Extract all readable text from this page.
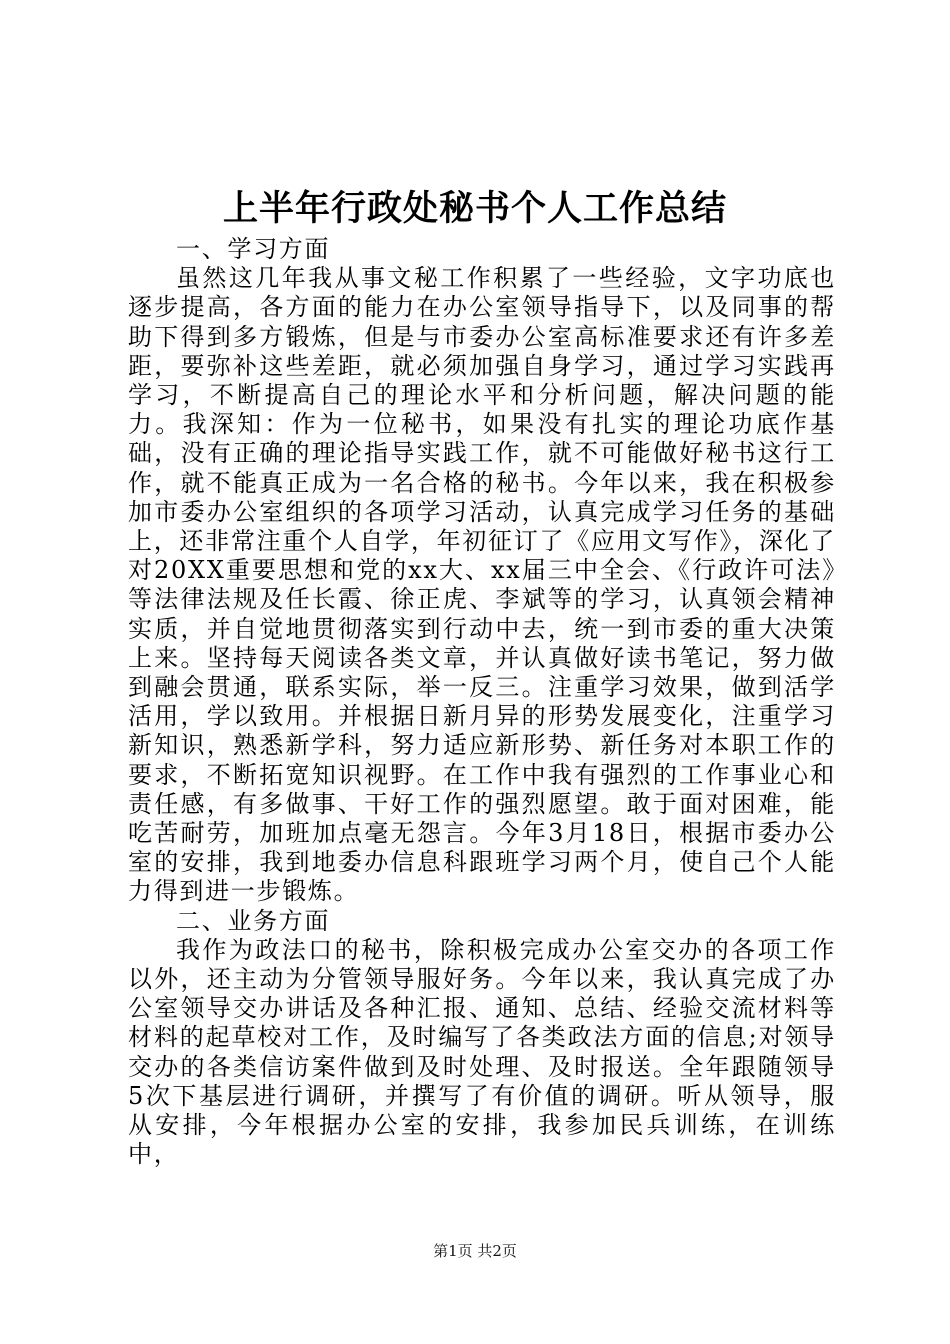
上半年行政处秘书个人工作总结

一、学习方面

虽然这几年我从事文秘工作积累了一些经验，文字功底也逐步提高，各方面的能力在办公室领导指导下，以及同事的帮助下得到多方锻炼，但是与市委办公室高标准要求还有许多差距，要弥补这些差距，就必须加强自身学习，通过学习实践再学习，不断提高自己的理论水平和分析问题，解决问题的能力。我深知：作为一位秘书，如果没有扎实的理论功底作基础，没有正确的理论指导实践工作，就不可能做好秘书这行工作，就不能真正成为一名合格的秘书。今年以来，我在积极参加市委办公室组织的各项学习活动，认真完成学习任务的基础上，还非常注重个人自学，年初征订了《应用文写作》，深化了对20XX重要思想和党的xx大、xx届三中全会、《行政许可法》等法律法规及任长霞、徐正虎、李斌等的学习，认真领会精神实质，并自觉地贯彻落实到行动中去，统一到市委的重大决策上来。坚持每天阅读各类文章，并认真做好读书笔记，努力做到融会贯通，联系实际，举一反三。注重学习效果，做到活学活用，学以致用。并根据日新月异的形势发展变化，注重学习新知识，熟悉新学科，努力适应新形势、新任务对本职工作的要求，不断拓宽知识视野。在工作中我有强烈的工作事业心和责任感，有多做事、干好工作的强烈愿望。敢于面对困难，能吃苦耐劳，加班加点毫无怨言。今年3月18日，根据市委办公室的安排，我到地委办信息科跟班学习两个月，使自己个人能力得到进一步锻炼。

二、业务方面

我作为政法口的秘书，除积极完成办公室交办的各项工作以外，还主动为分管领导服好务。今年以来，我认真完成了办公室领导交办讲话及各种汇报、通知、总结、经验交流材料等材料的起草校对工作，及时编写了各类政法方面的信息;对领导交办的各类信访案件做到及时处理、及时报送。全年跟随领导5次下基层进行调研，并撰写了有价值的调研。听从领导，服从安排，今年根据办公室的安排，我参加民兵训练，在训练中，

第1页 共2页
